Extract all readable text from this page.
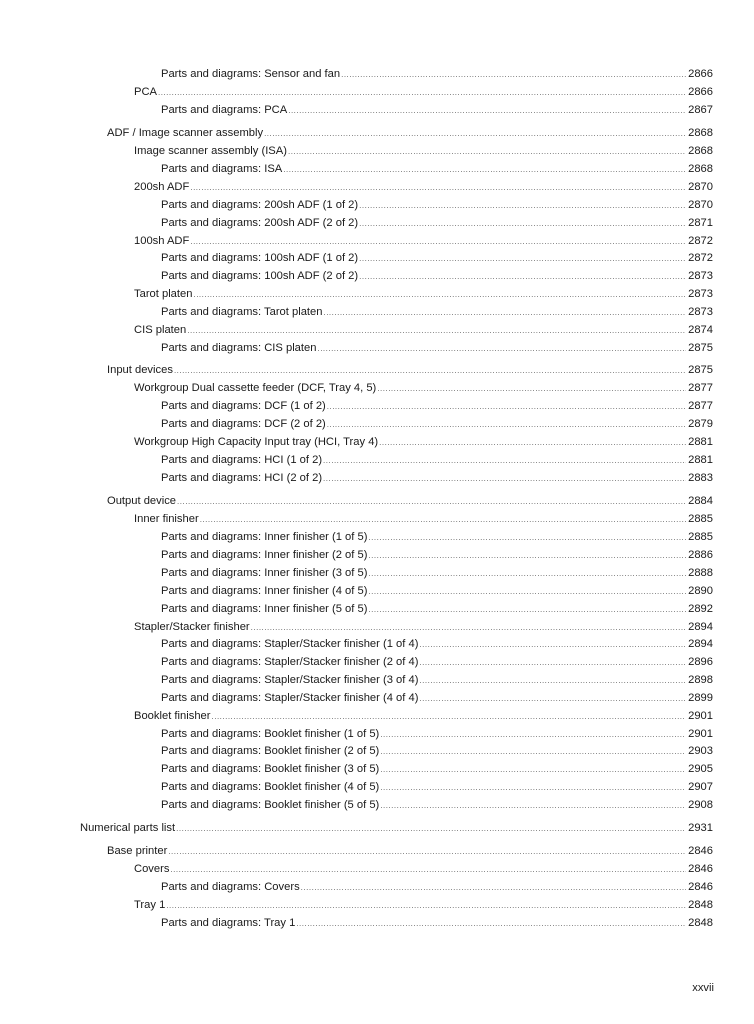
Parts and diagrams: Sensor and fan .....	2866
PCA .....	2866
Parts and diagrams: PCA .....	2867
ADF / Image scanner assembly .....	2868
Image scanner assembly (ISA) .....	2868
Parts and diagrams: ISA .....	2868
200sh ADF .....	2870
Parts and diagrams: 200sh ADF (1 of 2) .....	2870
Parts and diagrams: 200sh ADF (2 of 2) .....	2871
100sh ADF .....	2872
Parts and diagrams: 100sh ADF (1 of 2) .....	2872
Parts and diagrams: 100sh ADF (2 of 2) .....	2873
Tarot platen .....	2873
Parts and diagrams: Tarot platen .....	2873
CIS platen .....	2874
Parts and diagrams: CIS platen .....	2875
Input devices .....	2875
Workgroup Dual cassette feeder (DCF, Tray 4, 5) .....	2877
Parts and diagrams: DCF (1 of 2) .....	2877
Parts and diagrams: DCF (2 of 2) .....	2879
Workgroup High Capacity Input tray (HCI, Tray 4) .....	2881
Parts and diagrams: HCI (1 of 2) .....	2881
Parts and diagrams: HCI (2 of 2) .....	2883
Output device .....	2884
Inner finisher .....	2885
Parts and diagrams: Inner finisher (1 of 5) .....	2885
Parts and diagrams: Inner finisher (2 of 5) .....	2886
Parts and diagrams: Inner finisher (3 of 5) .....	2888
Parts and diagrams: Inner finisher (4 of 5) .....	2890
Parts and diagrams: Inner finisher (5 of 5) .....	2892
Stapler/Stacker finisher .....	2894
Parts and diagrams: Stapler/Stacker finisher (1 of 4) .....	2894
Parts and diagrams: Stapler/Stacker finisher (2 of 4) .....	2896
Parts and diagrams: Stapler/Stacker finisher (3 of 4) .....	2898
Parts and diagrams: Stapler/Stacker finisher (4 of 4) .....	2899
Booklet finisher .....	2901
Parts and diagrams: Booklet finisher (1 of 5) .....	2901
Parts and diagrams: Booklet finisher (2 of 5) .....	2903
Parts and diagrams: Booklet finisher (3 of 5) .....	2905
Parts and diagrams: Booklet finisher (4 of 5) .....	2907
Parts and diagrams: Booklet finisher (5 of 5) .....	2908
Numerical parts list .....	2931
Base printer .....	2846
Covers .....	2846
Parts and diagrams: Covers .....	2846
Tray 1 .....	2848
Parts and diagrams: Tray 1 .....	2848
xxvii
